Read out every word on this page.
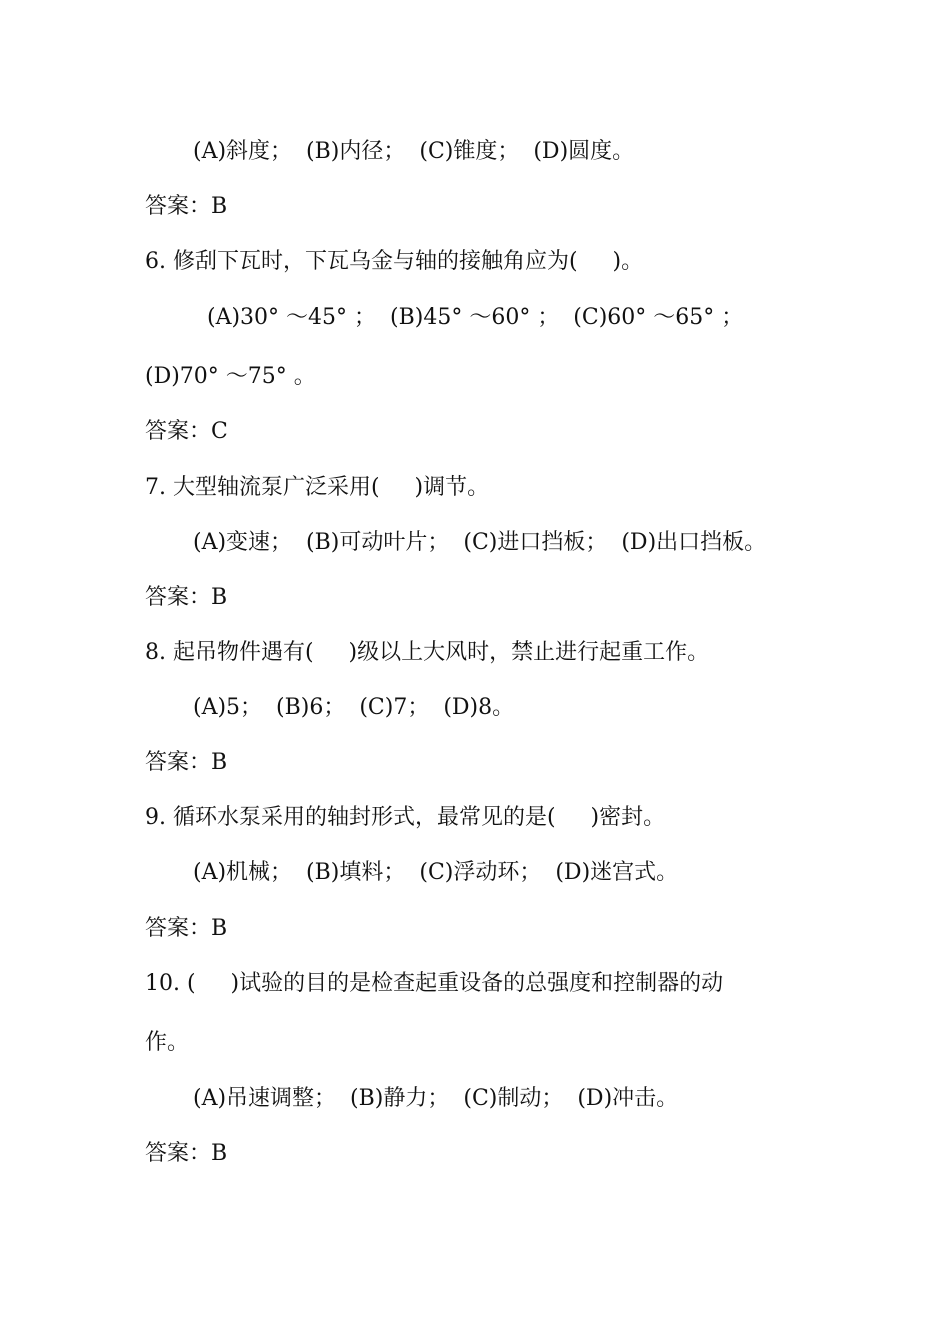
(A)斜度；  (B)内径；  (C)锥度；  (D)圆度。
答案：B
6. 修刮下瓦时，下瓦乌金与轴的接触角应为(     )。
(A)30° ～45° ；  (B)45° ～60° ；  (C)60° ～65° ；
(D)70° ～75° 。
答案：C
7. 大型轴流泵广泛采用(     )调节。
(A)变速；  (B)可动叶片；  (C)进口挡板；  (D)出口挡板。
答案：B
8. 起吊物件遇有(     )级以上大风时，禁止进行起重工作。
(A)5；  (B)6；  (C)7；  (D)8。
答案：B
9. 循环水泵采用的轴封形式，最常见的是(     )密封。
(A)机械；  (B)填料；  (C)浮动环；  (D)迷宫式。
答案：B
10. (     )试验的目的是检查起重设备的总强度和控制器的动
作。
(A)吊速调整；  (B)静力；  (C)制动；  (D)冲击。
答案：B
